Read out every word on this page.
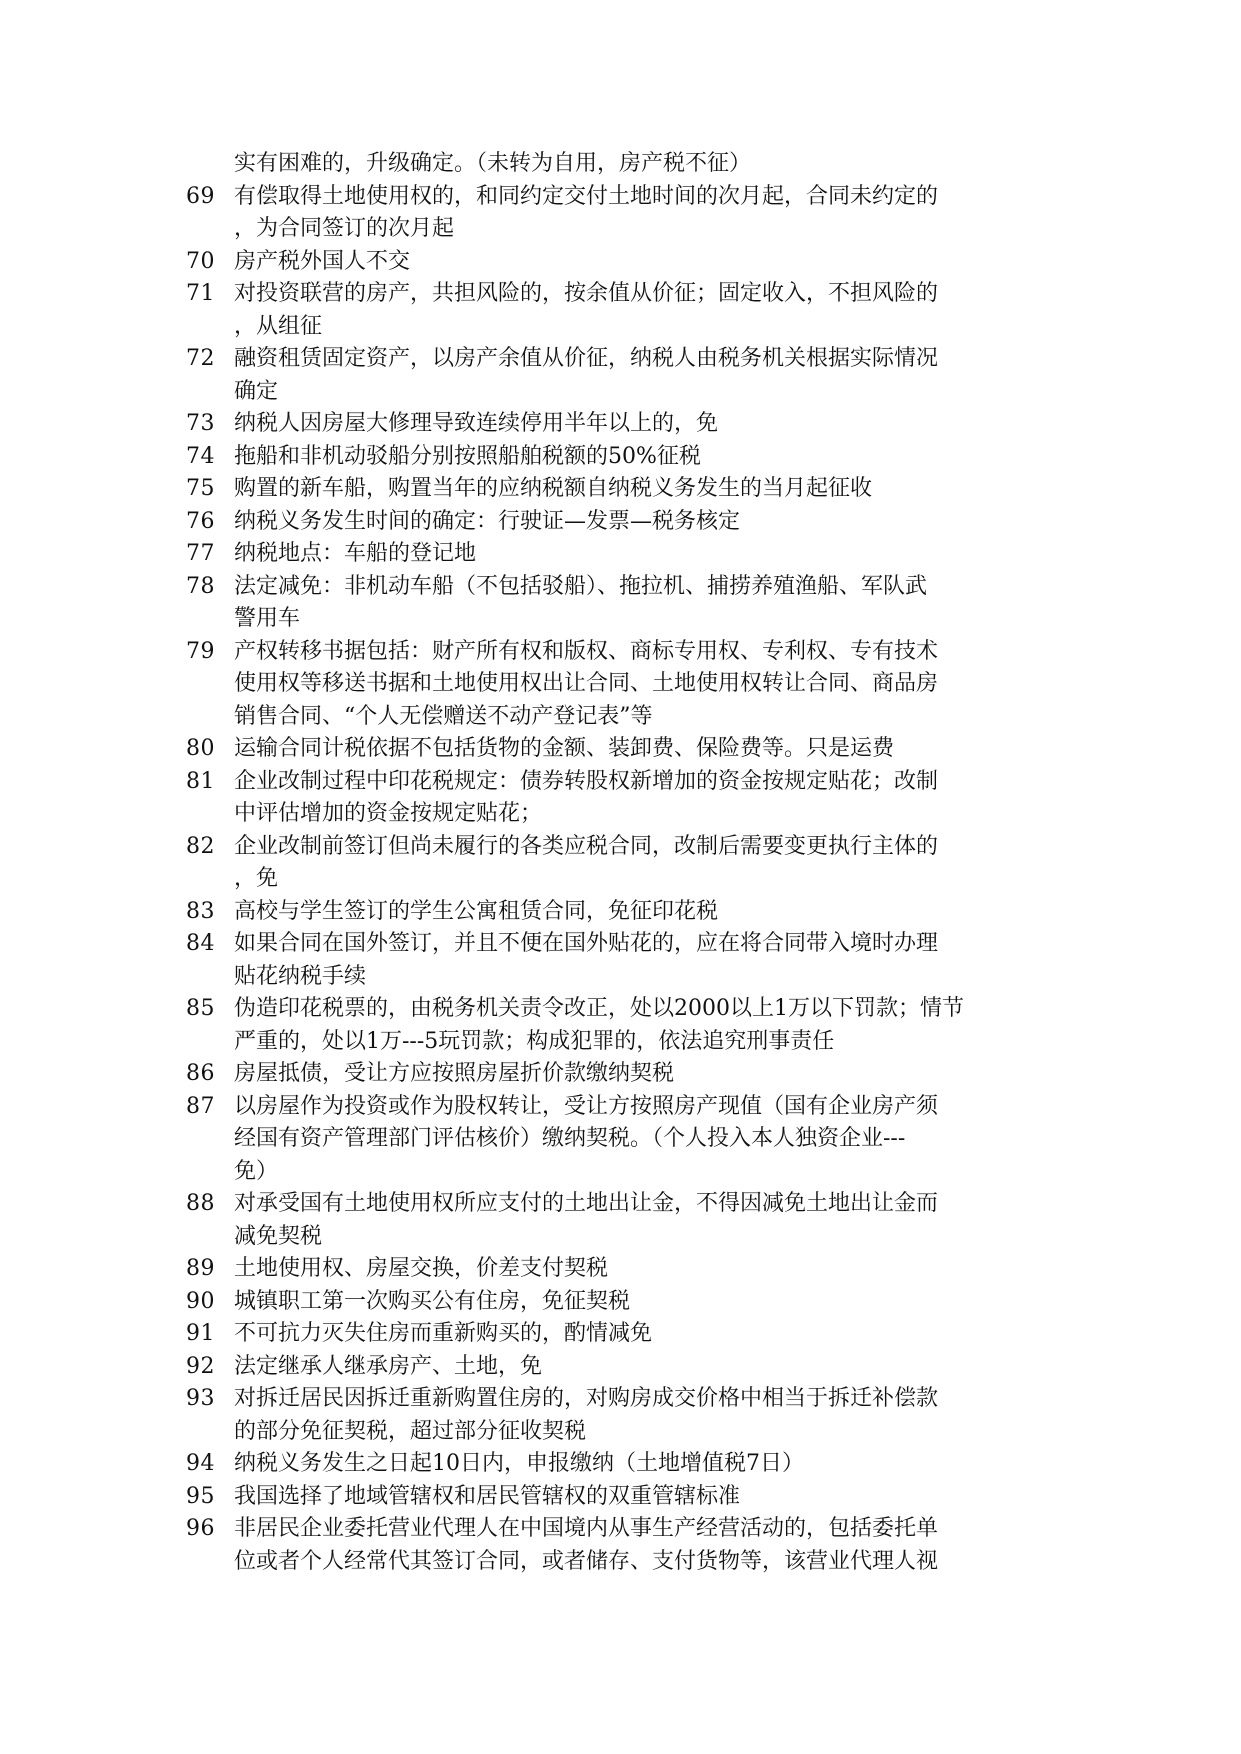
实有困难的，升级确定。（未转为自用，房产税不征）
69 有偿取得土地使用权的，和同约定交付土地时间的次月起，合同未约定的
，为合同签订的次月起
70 房产税外国人不交
71 对投资联营的房产，共担风险的，按余值从价征；固定收入，不担风险的
，从组征
72 融资租赁固定资产，以房产余值从价征，纳税人由税务机关根据实际情况
确定
73 纳税人因房屋大修理导致连续停用半年以上的，免
74 拖船和非机动驳船分别按照船舶税额的50%征税
75 购置的新车船，购置当年的应纳税额自纳税义务发生的当月起征收
76 纳税义务发生时间的确定：行驶证—发票—税务核定
77 纳税地点：车船的登记地
78 法定减免：非机动车船（不包括驳船）、拖拉机、捕捞养殖渔船、军队武
警用车
79 产权转移书据包括：财产所有权和版权、商标专用权、专利权、专有技术
使用权等移送书据和土地使用权出让合同、土地使用权转让合同、商品房
销售合同、“个人无偿赠送不动产登记表”等
80 运输合同计税依据不包括货物的金额、装卸费、保险费等。只是运费
81 企业改制过程中印花税规定：债券转股权新增加的资金按规定贴花；改制
中评估增加的资金按规定贴花；
82 企业改制前签订但尚未履行的各类应税合同，改制后需要变更执行主体的
，免
83 高校与学生签订的学生公寓租赁合同，免征印花税
84 如果合同在国外签订，并且不便在国外贴花的，应在将合同带入境时办理
贴花纳税手续
85 伪造印花税票的，由税务机关责令改正，处以2000以上1万以下罚款；情节
严重的，处以1万---5玩罚款；构成犯罪的，依法追究刑事责任
86 房屋抵债，受让方应按照房屋折价款缴纳契税
87 以房屋作为投资或作为股权转让，受让方按照房产现值（国有企业房产须
经国有资产管理部门评估核价）缴纳契税。（个人投入本人独资企业---
免）
88 对承受国有土地使用权所应支付的土地出让金，不得因减免土地出让金而
减免契税
89 土地使用权、房屋交换，价差支付契税
90 城镇职工第一次购买公有住房，免征契税
91 不可抗力灭失住房而重新购买的，酌情减免
92 法定继承人继承房产、土地，免
93 对拆迁居民因拆迁重新购置住房的，对购房成交价格中相当于拆迁补偿款
的部分免征契税，超过部分征收契税
94 纳税义务发生之日起10日内，申报缴纳（土地增值税7日）
95 我国选择了地域管辖权和居民管辖权的双重管辖标准
96 非居民企业委托营业代理人在中国境内从事生产经营活动的，包括委托单
位或者个人经常代其签订合同，或者储存、支付货物等，该营业代理人视
